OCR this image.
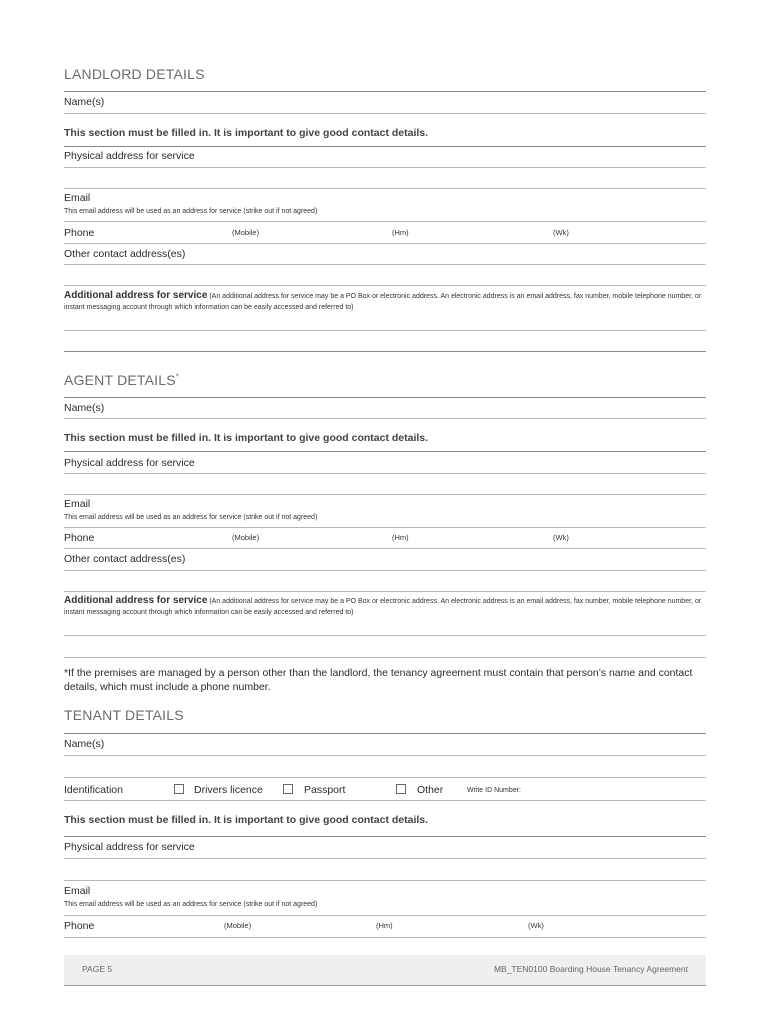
LANDLORD DETAILS
Name(s)
This section must be filled in. It is important to give good contact details.
Physical address for service
Email
This email address will be used as an address for service (strike out if not agreed)
Phone	(Mobile)	(Hm)	(Wk)
Other contact address(es)
Additional address for service (An additional address for service may be a PO Box or electronic address. An electronic address is an email address, fax number, mobile telephone number, or instant messaging account through which information can be easily accessed and referred to)
AGENT DETAILS*
Name(s)
This section must be filled in. It is important to give good contact details.
Physical address for service
Email
This email address will be used as an address for service (strike out if not agreed)
Phone	(Mobile)	(Hm)	(Wk)
Other contact address(es)
Additional address for service (An additional address for service may be a PO Box or electronic address. An electronic address is an email address, fax number, mobile telephone number, or instant messaging account through which information can be easily accessed and referred to)
*If the premises are managed by a person other than the landlord, the tenancy agreement must contain that person’s name and contact details, which must include a phone number.
TENANT DETAILS
Name(s)
Identification	Drivers licence	Passport	Other	Write ID Number:
This section must be filled in. It is important to give good contact details.
Physical address for service
Email
This email address will be used as an address for service (strike out if not agreed)
Phone	(Mobile)	(Hm)	(Wk)
PAGE 5	MB_TEN0100 Boarding House Tenancy Agreement
